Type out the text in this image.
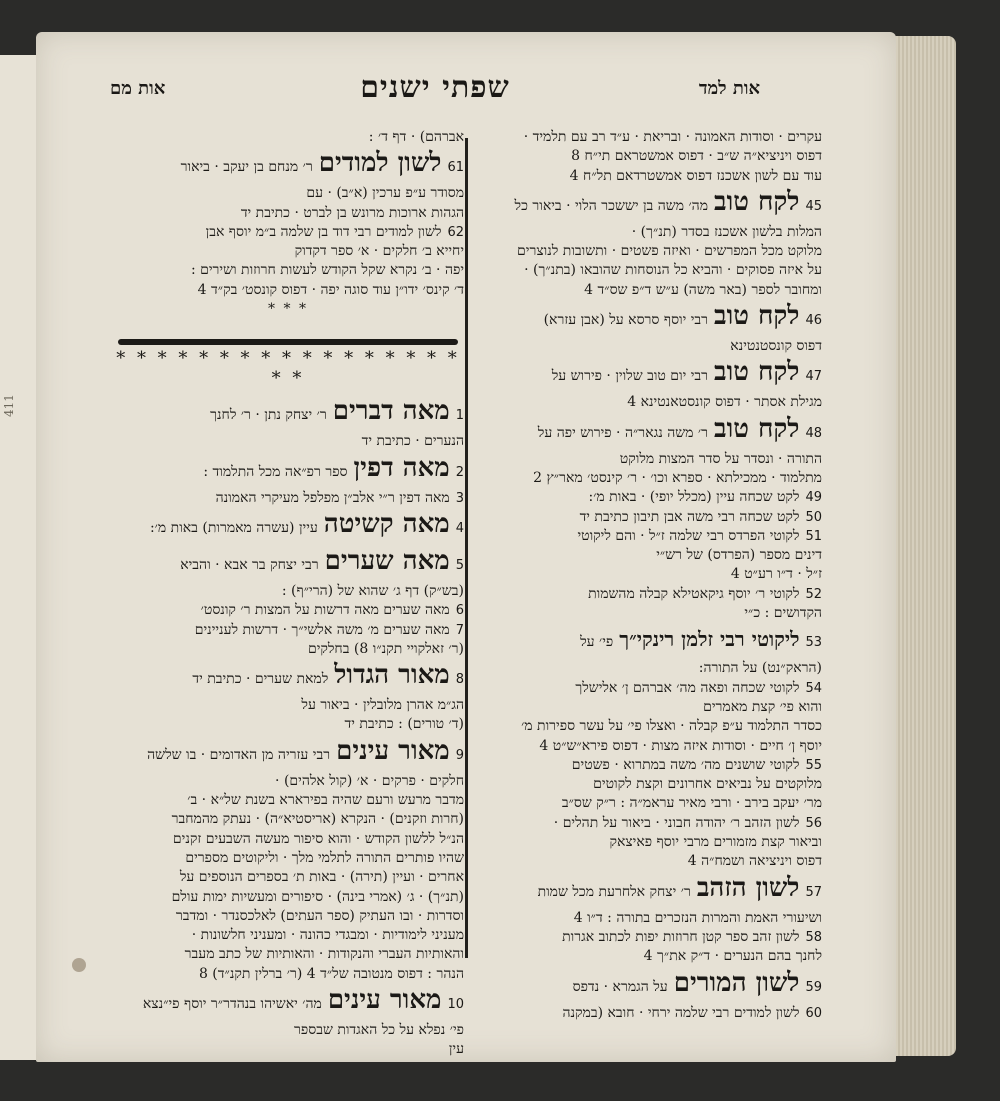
411
שפתי ישנים	אות למד
אות מם
עקרים · וסודות האמונה · ובריאת · ע״ד רב עם תלמיד ·
דפוס ויניציא״ה ש״ב · דפוס אמשטראם תי״ח 8
עוד עם לשון אשכנז דפוס אמשטרדאם תל״ח 4
45לקח טובמה׳ משה בן יששכר הלוי · ביאור כל
המלות בלשון אשכנז בסדר (תנ״ך) ·
מלוקט מכל המפרשים · ואיזה פשטים · ותשובות לנוצרים
על איזה פסוקים · והביא כל הנוסחות שהובאו (בתנ״ך) ·
ומחובר לספר (באר משה) ע״ש ד״פ שס״ד 4
46לקח טוברבי יוסף סרסא על (אבן עזרא)
דפוס קונסטנטינא
47לקח טוברבי יום טוב שלוין · פירוש על
מגילת אסתר · דפוס קונסטאנטינא 4
48לקח טובר׳ משה נגאר״ה · פירוש יפה על
התורה · ונסדר על סדר המצות מלוקט
מתלמוד · ממכילתא · ספרא וכו׳ · ר׳ קינסט׳ מאר״ץ 2
49לקט שכחה עיין (מכלל יופי) · באות מ׳:
50לקט שכחה רבי משה אבן תיבון כתיבת יד
51לקוטי הפרדס רבי שלמה ז״ל · והם ליקוטי
דינים מספר (הפרדס) של רש״י
ז״ל · ד״ו רע״ט 4
52לקוטי ר׳ יוסף גיקאטילא קבלה מהשמות
הקדושים : כ״י
53ליקוטי רבי זלמן רינקי״ךפי׳ על
(הראק״נט) על התורה:
54לקוטי שכחה ופאה מה׳ אברהם ן׳ אלישלך
והוא פי׳ קצת מאמרים
כסדר התלמוד ע״פ קבלה · ואצלו פי׳ על עשר ספירות מ׳
יוסף ן׳ חיים · וסודות איזה מצות · דפוס פירא״ש״ט 4
55לקוטי שושנים מה׳ משה במתרוא · פשטים
מלוקטים על נביאים אחרונים וקצת לקוטים
מר׳ יעקב בירב · ורבי מאיר עראמ״ה : ר״ק שס״ב
56לשון הזהב ר׳ יהודה חבוני · ביאור על תהלים ·
וביאור קצת מזמורים מרבי יוסף פאיצאק
דפוס ויניציאה ושמח״ה 4
57לשון הזהבר׳ יצחק אלחרעת מכל שמות
ושיעורי האמת והמרות הנזכרים בתורה : ד״ו 4
58לשון זהב ספר קטן חרוזות יפות לכתוב אגרות
לחנך בהם הנערים · ד״ק את״ך 4
59לשון המוריםעל הגמרא · נדפס
60לשון למודים רבי שלמה ירחי · חובא (במקנה
אברהם) · דף ד׳ :
61לשון למודיםר׳ מנחם בן יעקב · ביאור
מסודר ע״פ ערכין (א״ב) · עם
הגהות ארוכות מרונש בן לברט · כתיבת יד
62לשון למודים רבי דוד בן שלמה ב״מ יוסף אבן
יחייא ב׳ חלקים · א׳ ספר דקדוק
יפה · ב׳ נקרא שקל הקודש לעשות חרוזות ושירים :
ד׳ קינס׳ ידו״ן עוד סוגה יפה · דפוס קונסט׳ בק״ד 4
* * *
* * * * * * * * * * * * * * * * * * *
1מאה דבריםר׳ יצחק נתן · ר׳ לחנך
הנערים · כתיבת יד
2מאה דפיןספר רפ״אה מכל התלמוד :
3מאה דפין ר״י אלב״ן מפלפל מעיקרי האמונה
4מאה קשיטהעיין (עשרה מאמרות) באות מ׳:
5מאה שעריםרבי יצחק בר אבא · והביא
(בש״ק) דף ג׳ שהוא של (הרי״ף) :
6מאה שערים מאה דרשות על המצות ר׳ קונסט׳
7מאה שערים מ׳ משה אלשי״ך · דרשות לעניינים
(ר׳ זאלקויי תקנ״ו 8) בחלקים
8מאור הגדוללמאת שערים · כתיבת יד
הג״מ אהרן מלובלין · ביאור על
(ד׳ טורים) : כתיבת יד
9מאור עיניםרבי עזריה מן האדומים · בו שלשה
חלקים · פרקים · א׳ (קול אלהים) ·
מדבר מרעש ורעם שהיה בפירארא בשנת של״א · ב׳
(חרות וזקנים) · הנקרא (אריסטיא״ה) · נעתק מהמחבר
הנ״ל ללשון הקודש · והוא סיפור מעשה השבעים זקנים
שהיו פותרים התורה לתלמי מלך · וליקוטים מספרים
אחרים · ועיין (תירה) · באות ת׳ בספרים הנוספים על
(תנ״ך) · ג׳ (אמרי בינה) · סיפורים ומעשיות ימות עולם
וסדרות · ובו העתיק (ספר העתים) לאלכסנדר · ומדבר
מעניני לימודיות · ומבגדי כהונה · ומעניני חלשונות ·
והאותיות העברי והנקודות · והאותיות של כתב מעבר
הנהר : דפוס מנטובה של״ד 4 (ר׳ ברלין תקנ״ד) 8
10מאור עיניםמה׳ יאשיהו בנהדר״ר יוסף פי״נצא
פי׳ נפלא על כל האגדות שבספר
עין
